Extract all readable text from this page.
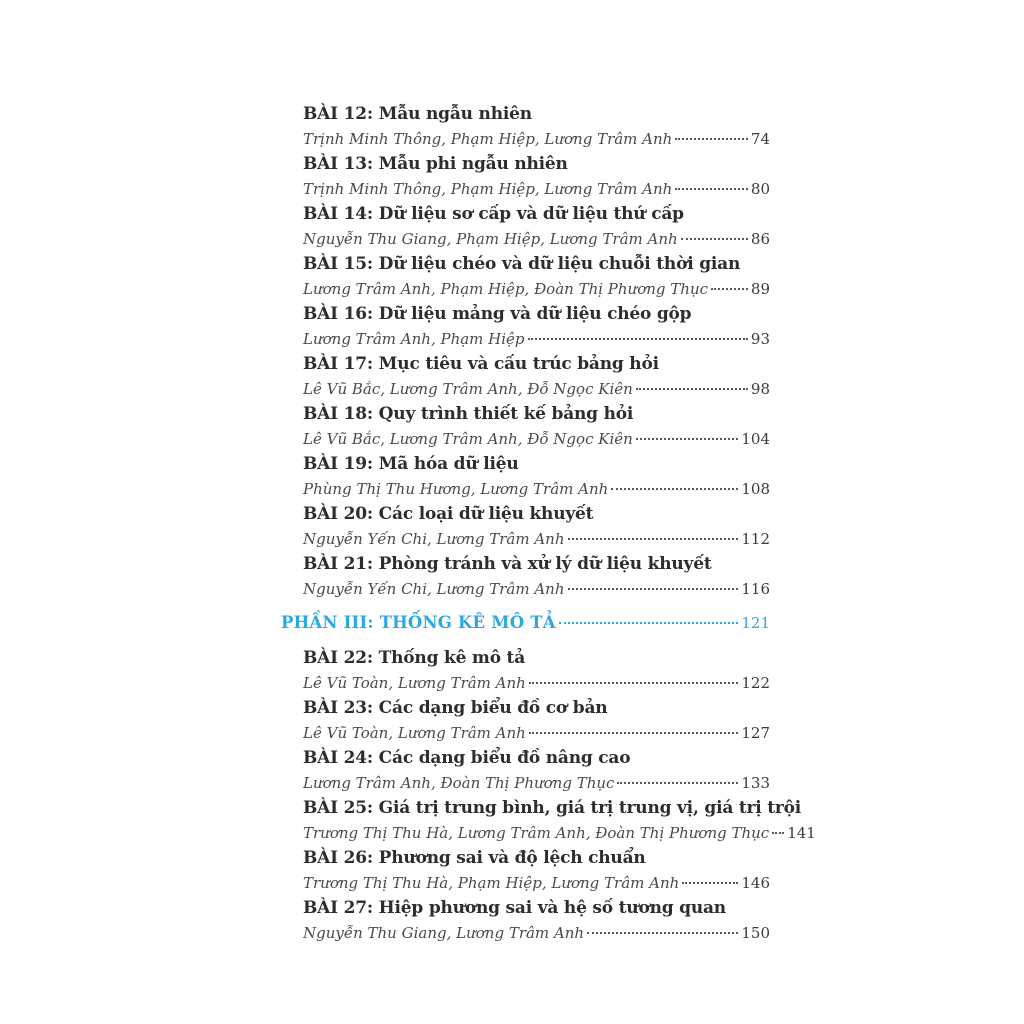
BÀI 12: Mẫu ngẫu nhiên
Trịnh Minh Thông, Phạm Hiệp, Lương Trâm Anh	74
BÀI 13: Mẫu phi ngẫu nhiên
Trịnh Minh Thông, Phạm Hiệp, Lương Trâm Anh	80
BÀI 14: Dữ liệu sơ cấp và dữ liệu thứ cấp
Nguyễn Thu Giang, Phạm Hiệp, Lương Trâm Anh	86
BÀI 15: Dữ liệu chéo và dữ liệu chuỗi thời gian
Lương Trâm Anh, Phạm Hiệp, Đoàn Thị Phương Thục	89
BÀI 16: Dữ liệu mảng và dữ liệu chéo gộp
Lương Trâm Anh, Phạm Hiệp	93
BÀI 17: Mục tiêu và cấu trúc bảng hỏi
Lê Vũ Bắc, Lương Trâm Anh, Đỗ Ngọc Kiên	98
BÀI 18: Quy trình thiết kế bảng hỏi
Lê Vũ Bắc, Lương Trâm Anh, Đỗ Ngọc Kiên	104
BÀI 19: Mã hóa dữ liệu
Phùng Thị Thu Hương, Lương Trâm Anh	108
BÀI 20: Các loại dữ liệu khuyết
Nguyễn Yến Chi, Lương Trâm Anh	112
BÀI 21: Phòng tránh và xử lý dữ liệu khuyết
Nguyễn Yến Chi, Lương Trâm Anh	116
PHẦN III: THỐNG KÊ MÔ TẢ	121
BÀI 22: Thống kê mô tả
Lê Vũ Toàn, Lương Trâm Anh	122
BÀI 23: Các dạng biểu đồ cơ bản
Lê Vũ Toàn, Lương Trâm Anh	127
BÀI 24: Các dạng biểu đồ nâng cao
Lương Trâm Anh, Đoàn Thị Phương Thục	133
BÀI 25: Giá trị trung bình, giá trị trung vị, giá trị trội
Trương Thị Thu Hà, Lương Trâm Anh, Đoàn Thị Phương Thục 141
BÀI 26: Phương sai và độ lệch chuẩn
Trương Thị Thu Hà, Phạm Hiệp, Lương Trâm Anh	146
BÀI 27: Hiệp phương sai và hệ số tương quan
Nguyễn Thu Giang, Lương Trâm Anh	150
